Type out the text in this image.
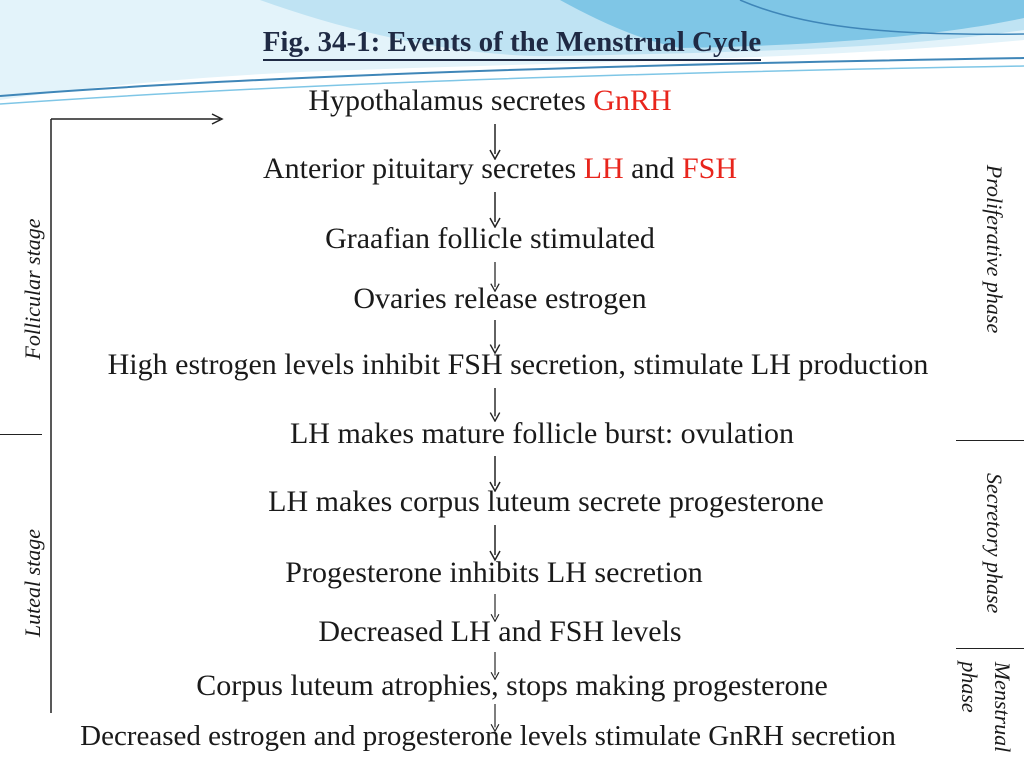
Fig. 34-1: Events of the Menstrual Cycle
Hypothalamus secretes GnRH
Anterior pituitary secretes LH and FSH
Graafian follicle stimulated
Ovaries release estrogen
High estrogen levels inhibit FSH secretion, stimulate LH production
LH makes mature follicle burst: ovulation
LH makes corpus luteum secrete progesterone
Progesterone inhibits LH secretion
Decreased LH and FSH levels
Corpus luteum atrophies, stops making progesterone
Decreased estrogen and progesterone levels stimulate GnRH secretion
Follicular stage
Luteal stage
Proliferative phase
Secretory phase
Menstrual
phase
